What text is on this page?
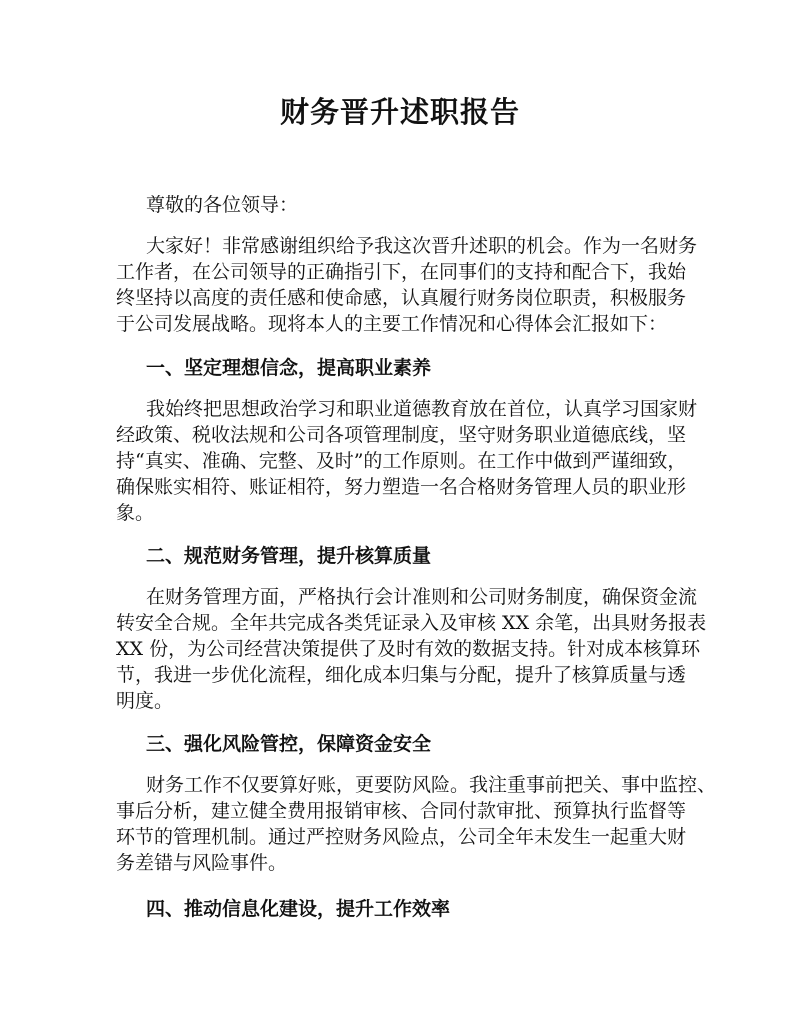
财务晋升述职报告
尊敬的各位领导：
大家好！非常感谢组织给予我这次晋升述职的机会。作为一名财务
工作者，在公司领导的正确指引下，在同事们的支持和配合下，我始
终坚持以高度的责任感和使命感，认真履行财务岗位职责，积极服务
于公司发展战略。现将本人的主要工作情况和心得体会汇报如下：
一、坚定理想信念，提高职业素养
我始终把思想政治学习和职业道德教育放在首位，认真学习国家财
经政策、税收法规和公司各项管理制度，坚守财务职业道德底线，坚
持“真实、准确、完整、及时”的工作原则。在工作中做到严谨细致，
确保账实相符、账证相符，努力塑造一名合格财务管理人员的职业形
象。
二、规范财务管理，提升核算质量
在财务管理方面，严格执行会计准则和公司财务制度，确保资金流
转安全合规。全年共完成各类凭证录入及审核 XX 余笔，出具财务报表
XX 份，为公司经营决策提供了及时有效的数据支持。针对成本核算环
节，我进一步优化流程，细化成本归集与分配，提升了核算质量与透
明度。
三、强化风险管控，保障资金安全
财务工作不仅要算好账，更要防风险。我注重事前把关、事中监控、
事后分析，建立健全费用报销审核、合同付款审批、预算执行监督等
环节的管理机制。通过严控财务风险点，公司全年未发生一起重大财
务差错与风险事件。
四、推动信息化建设，提升工作效率
